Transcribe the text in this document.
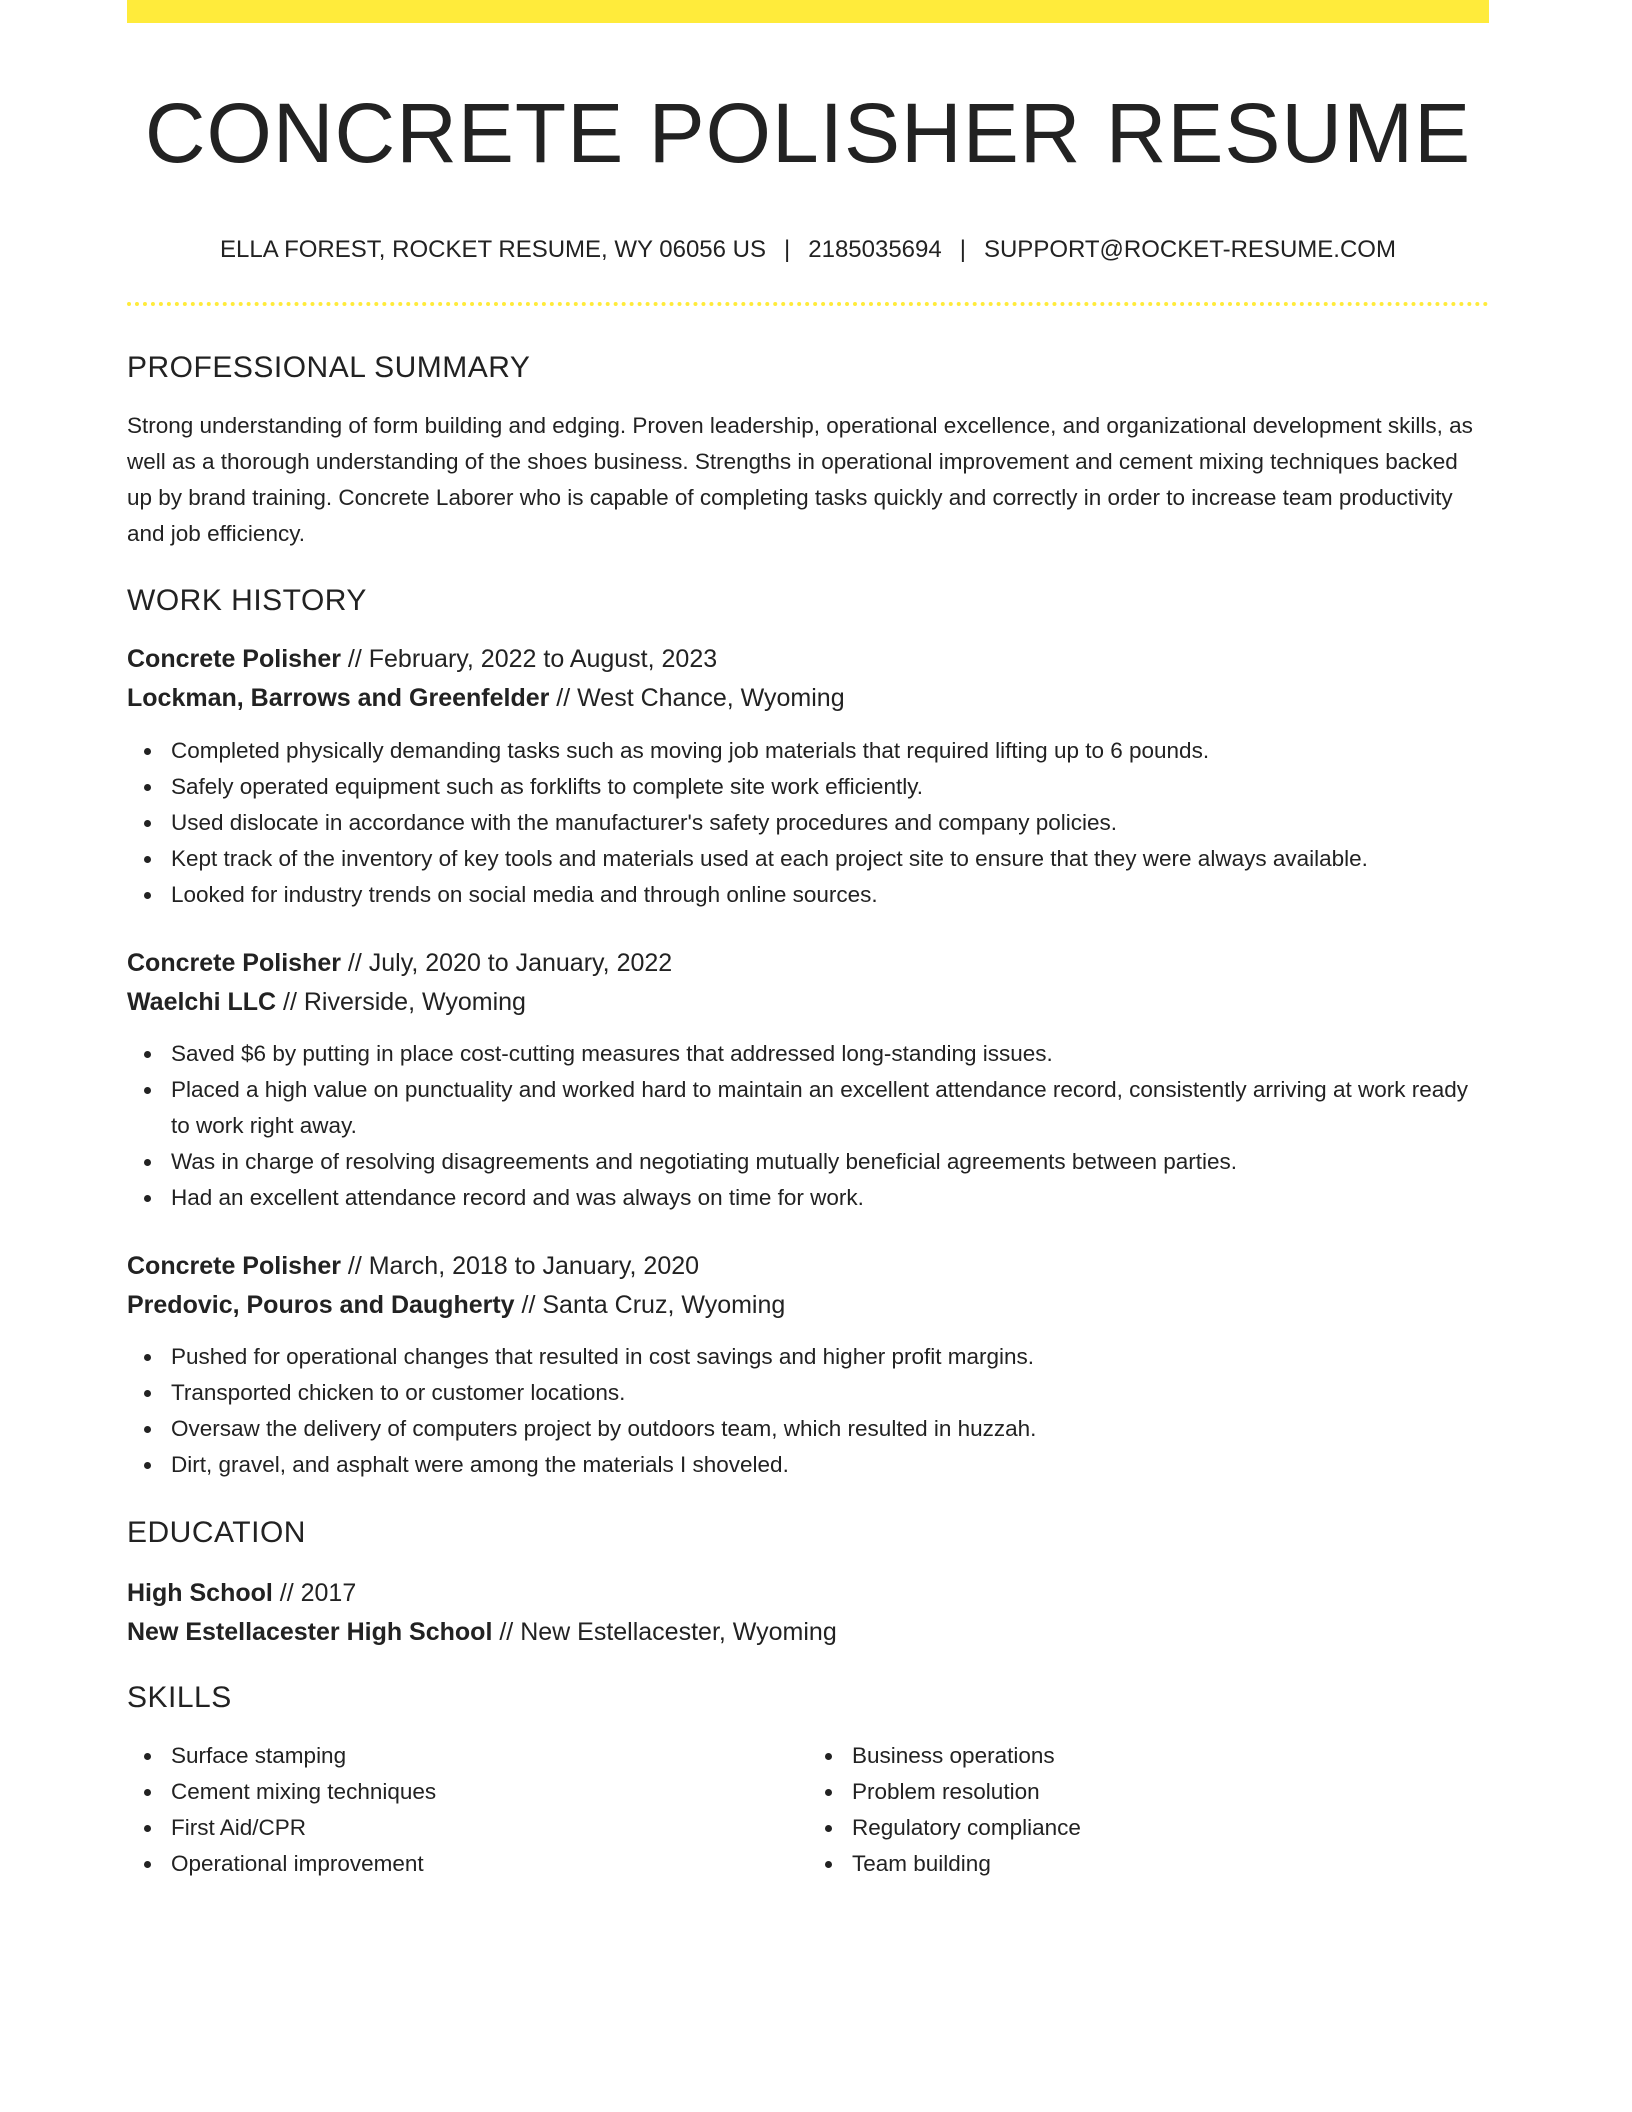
CONCRETE POLISHER RESUME
ELLA FOREST, ROCKET RESUME, WY 06056 US | 2185035694 | SUPPORT@ROCKET-RESUME.COM
PROFESSIONAL SUMMARY

Strong understanding of form building and edging. Proven leadership, operational excellence, and organizational development skills, as well as a thorough understanding of the shoes business. Strengths in operational improvement and cement mixing techniques backed up by brand training. Concrete Laborer who is capable of completing tasks quickly and correctly in order to increase team productivity and job efficiency.

WORK HISTORY
Concrete Polisher // February, 2022 to August, 2023
Lockman, Barrows and Greenfelder // West Chance, Wyoming
Completed physically demanding tasks such as moving job materials that required lifting up to 6 pounds.
Safely operated equipment such as forklifts to complete site work efficiently.
Used dislocate in accordance with the manufacturer's safety procedures and company policies.
Kept track of the inventory of key tools and materials used at each project site to ensure that they were always available.
Looked for industry trends on social media and through online sources.
Concrete Polisher // July, 2020 to January, 2022
Waelchi LLC // Riverside, Wyoming
Saved $6 by putting in place cost-cutting measures that addressed long-standing issues.
Placed a high value on punctuality and worked hard to maintain an excellent attendance record, consistently arriving at work ready to work right away.
Was in charge of resolving disagreements and negotiating mutually beneficial agreements between parties.
Had an excellent attendance record and was always on time for work.
Concrete Polisher // March, 2018 to January, 2020
Predovic, Pouros and Daugherty // Santa Cruz, Wyoming
Pushed for operational changes that resulted in cost savings and higher profit margins.
Transported chicken to or customer locations.
Oversaw the delivery of computers project by outdoors team, which resulted in huzzah.
Dirt, gravel, and asphalt were among the materials I shoveled.
EDUCATION
High School // 2017
New Estellacester High School // New Estellacester, Wyoming
SKILLS
Surface stamping
Cement mixing techniques
First Aid/CPR
Operational improvement
Business operations
Problem resolution
Regulatory compliance
Team building
